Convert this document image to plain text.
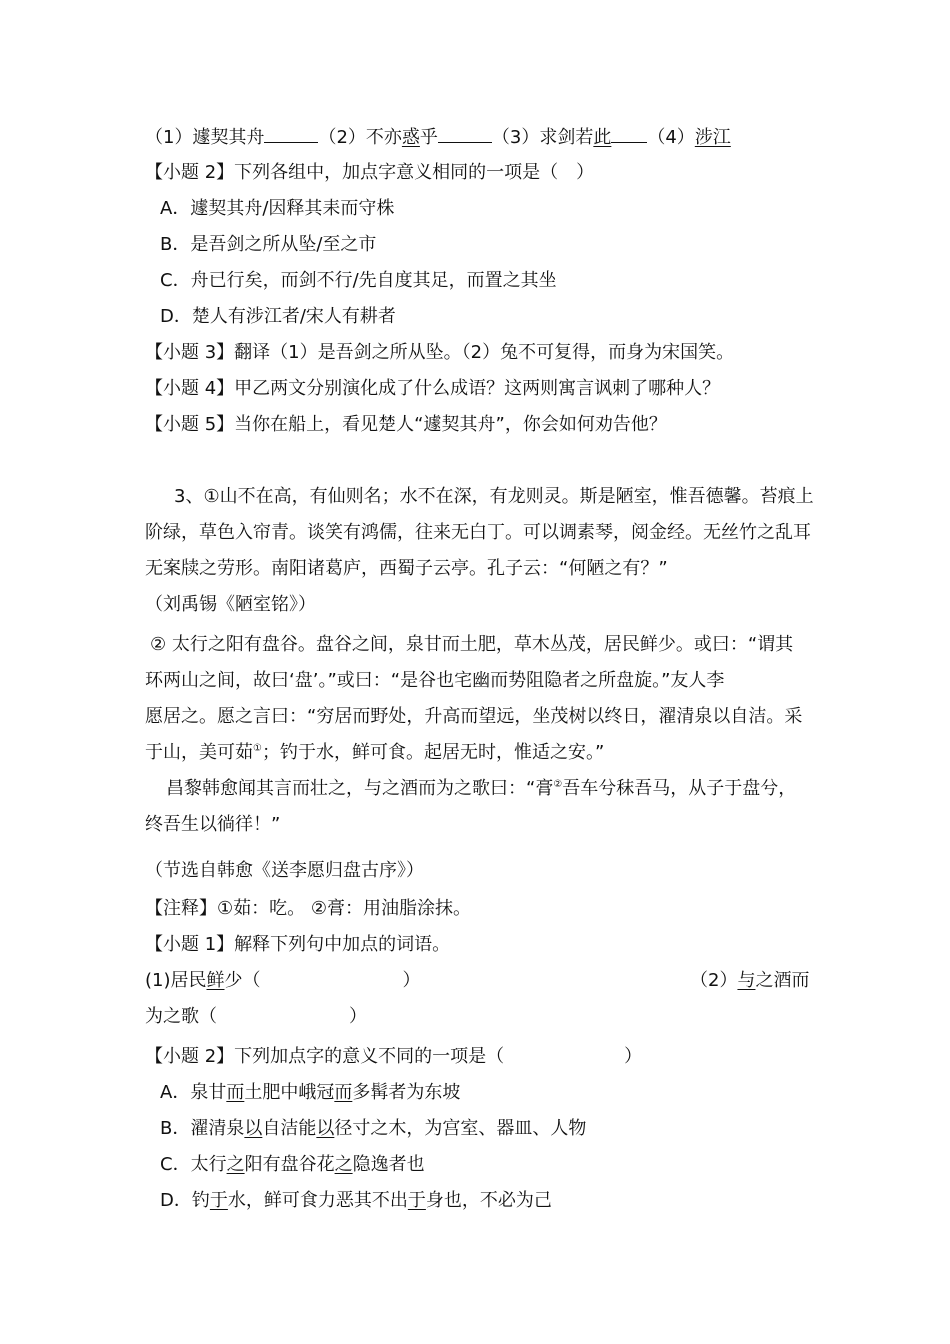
（1）遽契其舟	（2）不亦惑乎	（3）求剑若此 （4）涉江
【小题 2】下列各组中，加点字意义相同的一项是（　）
A．遽契其舟/因释其耒而守株
B．是吾剑之所从坠/至之市
C．舟已行矣，而剑不行/先自度其足，而置之其坐
D．楚人有涉江者/宋人有耕者
【小题 3】翻译（1）是吾剑之所从坠。（2）兔不可复得，而身为宋国笑。
【小题 4】甲乙两文分别演化成了什么成语？这两则寓言讽刺了哪种人？
【小题 5】当你在船上，看见楚人“遽契其舟”，你会如何劝告他？
3、①山不在高，有仙则名；水不在深，有龙则灵。斯是陋室，惟吾德馨。苔痕上
阶绿，草色入帘青。谈笑有鸿儒，往来无白丁。可以调素琴，阅金经。无丝竹之乱耳
无案牍之劳形。南阳诸葛庐，西蜀子云亭。孔子云：“何陋之有？”
（刘禹锡《陋室铭》）
② 太行之阳有盘谷。盘谷之间，泉甘而土肥，草木丛茂，居民鲜少。或曰：“谓其
环两山之间，故曰‘盘’。”或曰：“是谷也宅幽而势阻隐者之所盘旋。”友人李
愿居之。愿之言曰：“穷居而野处，升高而望远，坐茂树以终日，濯清泉以自洁。采
于山，美可茹①；钓于水，鲜可食。起居无时，惟适之安。”
昌黎韩愈闻其言而壮之，与之酒而为之歌曰：“膏②吾车兮秣吾马，从子于盘兮，
终吾生以徜徉！”
（节选自韩愈《送李愿归盘古序》）
【注释】①茹：吃。 ②膏：用油脂涂抹。
【小题 1】解释下列句中加点的词语。
(1)居民鲜少（	）	（2）与之酒而
为之歌（	）
【小题 2】下列加点字的意义不同的一项是（	）
A．泉甘而土肥中峨冠而多髯者为东坡
B．濯清泉以自洁能以径寸之木，为宫室、器皿、人物
C．太行之阳有盘谷花之隐逸者也
D．钓于水，鲜可食力恶其不出于身也，不必为己
